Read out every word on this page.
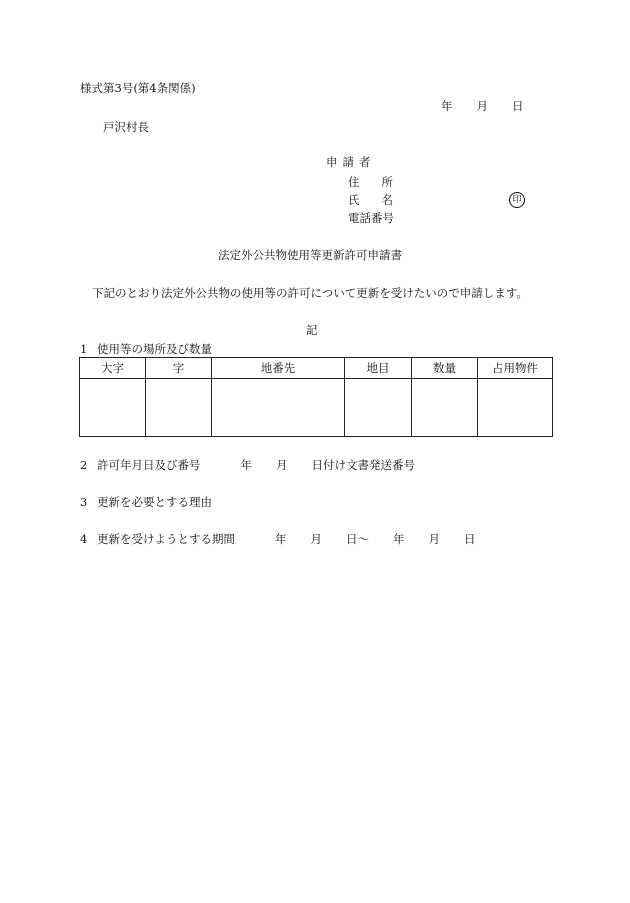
様式第3号(第4条関係)
年 月 日
戸沢村長
申請者
住所
氏名	印
電話番号
法定外公共物使用等更新許可申請書
下記のとおり法定外公共物の使用等の許可について更新を受けたいので申請します。
記
1 使用等の場所及び数量
大字	字	地番先	地目	数量	占用物件

2 許可年月日及び番号	年 月 日付け文書発送番号
3 更新を必要とする理由
4 更新を受けようとする期間	年 月 日〜 年 月 日
